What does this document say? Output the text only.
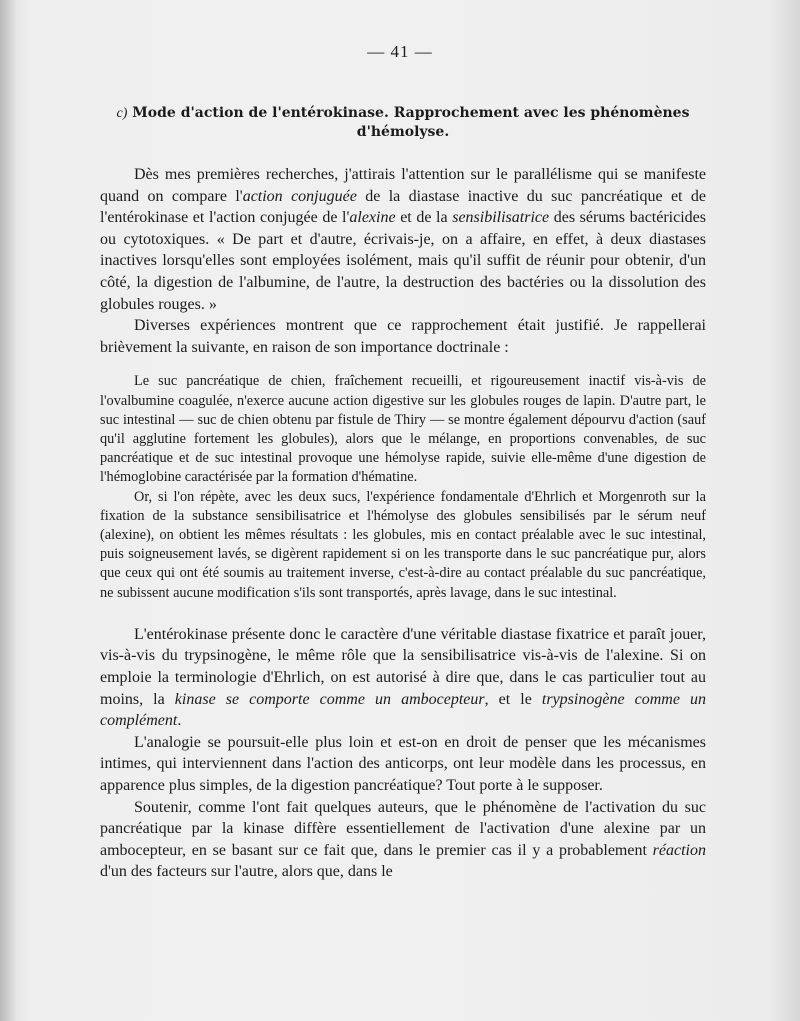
— 41 —
c) Mode d'action de l'entérokinase. Rapprochement avec les phénomènes d'hémolyse.

Dès mes premières recherches, j'attirais l'attention sur le parallélisme qui se manifeste quand on compare l'action conjuguée de la diastase inactive du suc pancréatique et de l'entérokinase et l'action conjugée de l'alexine et de la sensibilisatrice des sérums bactéricides ou cytotoxiques. « De part et d'autre, écrivais-je, on a affaire, en effet, à deux diastases inactives lorsqu'elles sont employées isolément, mais qu'il suffit de réunir pour obtenir, d'un côté, la digestion de l'albumine, de l'autre, la destruction des bactéries ou la dissolution des globules rouges. »

Diverses expériences montrent que ce rapprochement était justifié. Je rappellerai brièvement la suivante, en raison de son importance doctrinale :

Le suc pancréatique de chien, fraîchement recueilli, et rigoureusement inactif vis-à-vis de l'ovalbumine coagulée, n'exerce aucune action digestive sur les globules rouges de lapin. D'autre part, le suc intestinal — suc de chien obtenu par fistule de Thiry — se montre également dépourvu d'action (sauf qu'il agglutine fortement les globules), alors que le mélange, en proportions convenables, de suc pancréatique et de suc intestinal provoque une hémolyse rapide, suivie elle-même d'une digestion de l'hémoglobine caractérisée par la formation d'hématine.

Or, si l'on répète, avec les deux sucs, l'expérience fondamentale d'Ehrlich et Morgenroth sur la fixation de la substance sensibilisatrice et l'hémolyse des globules sensibilisés par le sérum neuf (alexine), on obtient les mêmes résultats : les globules, mis en contact préalable avec le suc intestinal, puis soigneusement lavés, se digèrent rapidement si on les transporte dans le suc pancréatique pur, alors que ceux qui ont été soumis au traitement inverse, c'est-à-dire au contact préalable du suc pancréatique, ne subissent aucune modification s'ils sont transportés, après lavage, dans le suc intestinal.

L'entérokinase présente donc le caractère d'une véritable diastase fixatrice et paraît jouer, vis-à-vis du trypsinogène, le même rôle que la sensibilisatrice vis-à-vis de l'alexine. Si on emploie la terminologie d'Ehrlich, on est autorisé à dire que, dans le cas particulier tout au moins, la kinase se comporte comme un ambocepteur, et le trypsinogène comme un complément.

L'analogie se poursuit-elle plus loin et est-on en droit de penser que les mécanismes intimes, qui interviennent dans l'action des anticorps, ont leur modèle dans les processus, en apparence plus simples, de la digestion pancréatique? Tout porte à le supposer.

Soutenir, comme l'ont fait quelques auteurs, que le phénomène de l'activation du suc pancréatique par la kinase diffère essentiellement de l'activation d'une alexine par un ambocepteur, en se basant sur ce fait que, dans le premier cas il y a probablement réaction d'un des facteurs sur l'autre, alors que, dans le
